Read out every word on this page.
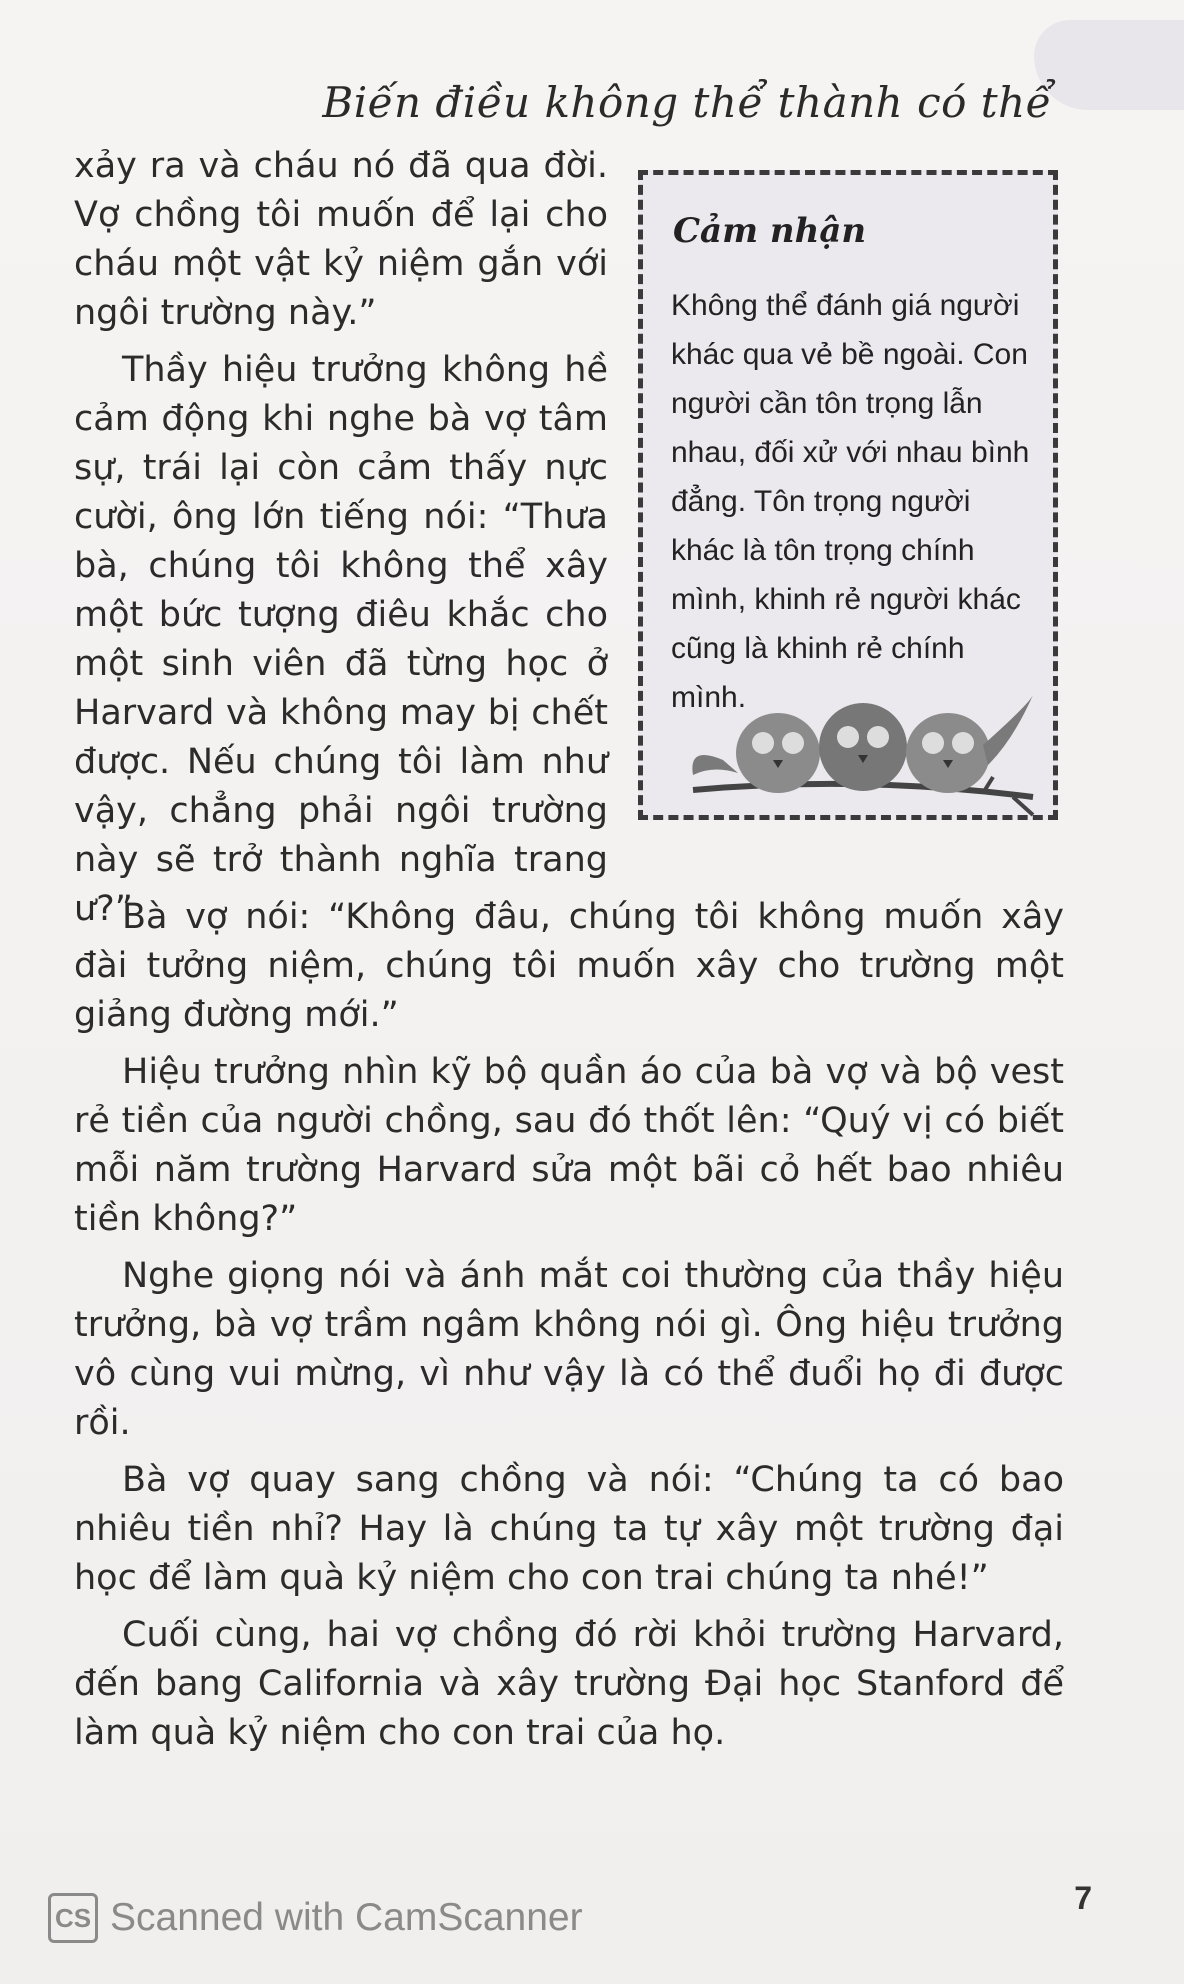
Biến điều không thể thành có thể

xảy ra và cháu nó đã qua đời. Vợ chồng tôi muốn để lại cho cháu một vật kỷ niệm gắn với ngôi trường này.”

Thầy hiệu trưởng không hề cảm động khi nghe bà vợ tâm sự, trái lại còn cảm thấy nực cười, ông lớn tiếng nói: “Thưa bà, chúng tôi không thể xây một bức tượng điêu khắc cho một sinh viên đã từng học ở Harvard và không may bị chết được. Nếu chúng tôi làm như vậy, chẳng phải ngôi trường này sẽ trở thành nghĩa trang ư?”

Cảm nhận
Không thể đánh giá người khác qua vẻ bề ngoài. Con người cần tôn trọng lẫn nhau, đối xử với nhau bình đẳng. Tôn trọng người khác là tôn trọng chính mình, khinh rẻ người khác cũng là khinh rẻ chính mình.

Bà vợ nói: “Không đâu, chúng tôi không muốn xây đài tưởng niệm, chúng tôi muốn xây cho trường một giảng đường mới.”

Hiệu trưởng nhìn kỹ bộ quần áo của bà vợ và bộ vest rẻ tiền của người chồng, sau đó thốt lên: “Quý vị có biết mỗi năm trường Harvard sửa một bãi cỏ hết bao nhiêu tiền không?”

Nghe giọng nói và ánh mắt coi thường của thầy hiệu trưởng, bà vợ trầm ngâm không nói gì. Ông hiệu trưởng vô cùng vui mừng, vì như vậy là có thể đuổi họ đi được rồi.

Bà vợ quay sang chồng và nói: “Chúng ta có bao nhiêu tiền nhỉ? Hay là chúng ta tự xây một trường đại học để làm quà kỷ niệm cho con trai chúng ta nhé!”

Cuối cùng, hai vợ chồng đó rời khỏi trường Harvard, đến bang California và xây trường Đại học Stanford để làm quà kỷ niệm cho con trai của họ.

CS Scanned with CamScanner	7
